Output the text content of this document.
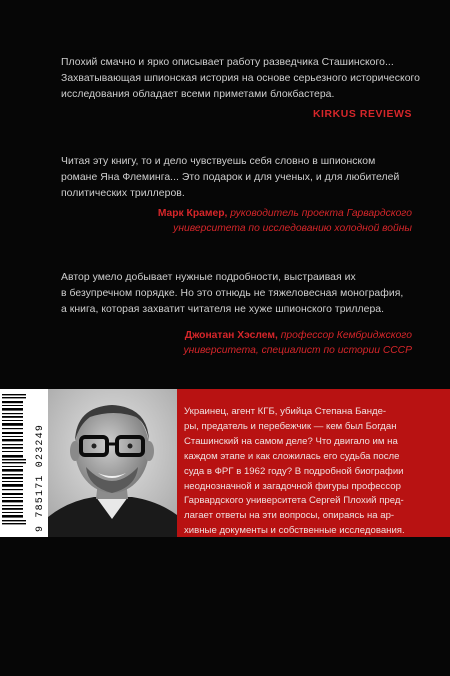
Плохий смачно и ярко описывает работу разведчика Сташинского...
Захватывающая шпионская история на основе серьезного исторического
исследования обладает всеми приметами блокбастера.

KIRKUS REVIEWS

Читая эту книгу, то и дело чувствуешь себя словно в шпионском
романе Яна Флеминга... Это подарок и для ученых, и для любителей
политических триллеров.

Марк Крамер, руководитель проекта Гарвардского
университета по исследованию холодной войны

Автор умело добывает нужные подробности, выстраивая их
в безупречном порядке. Но это отнюдь не тяжеловесная монография,
а книга, которая захватит читателя не хуже шпионского триллера.

Джонатан Хэслем, профессор Кембриджского
университета, специалист по истории СССР
9 785171 023249

Украинец, агент КГБ, убийца Степана Банде-
ры, предатель и перебежчик — кем был Богдан
Сташинский на самом деле? Что двигало им на
каждом этапе и как сложилась его судьба после
суда в ФРГ в 1962 году? В подробной биографии
неоднозначной и загадочной фигуры профессор
Гарвардского университета Сергей Плохий пред-
лагает ответы на эти вопросы, опираясь на ар-
хивные документы и собственные исследования.
